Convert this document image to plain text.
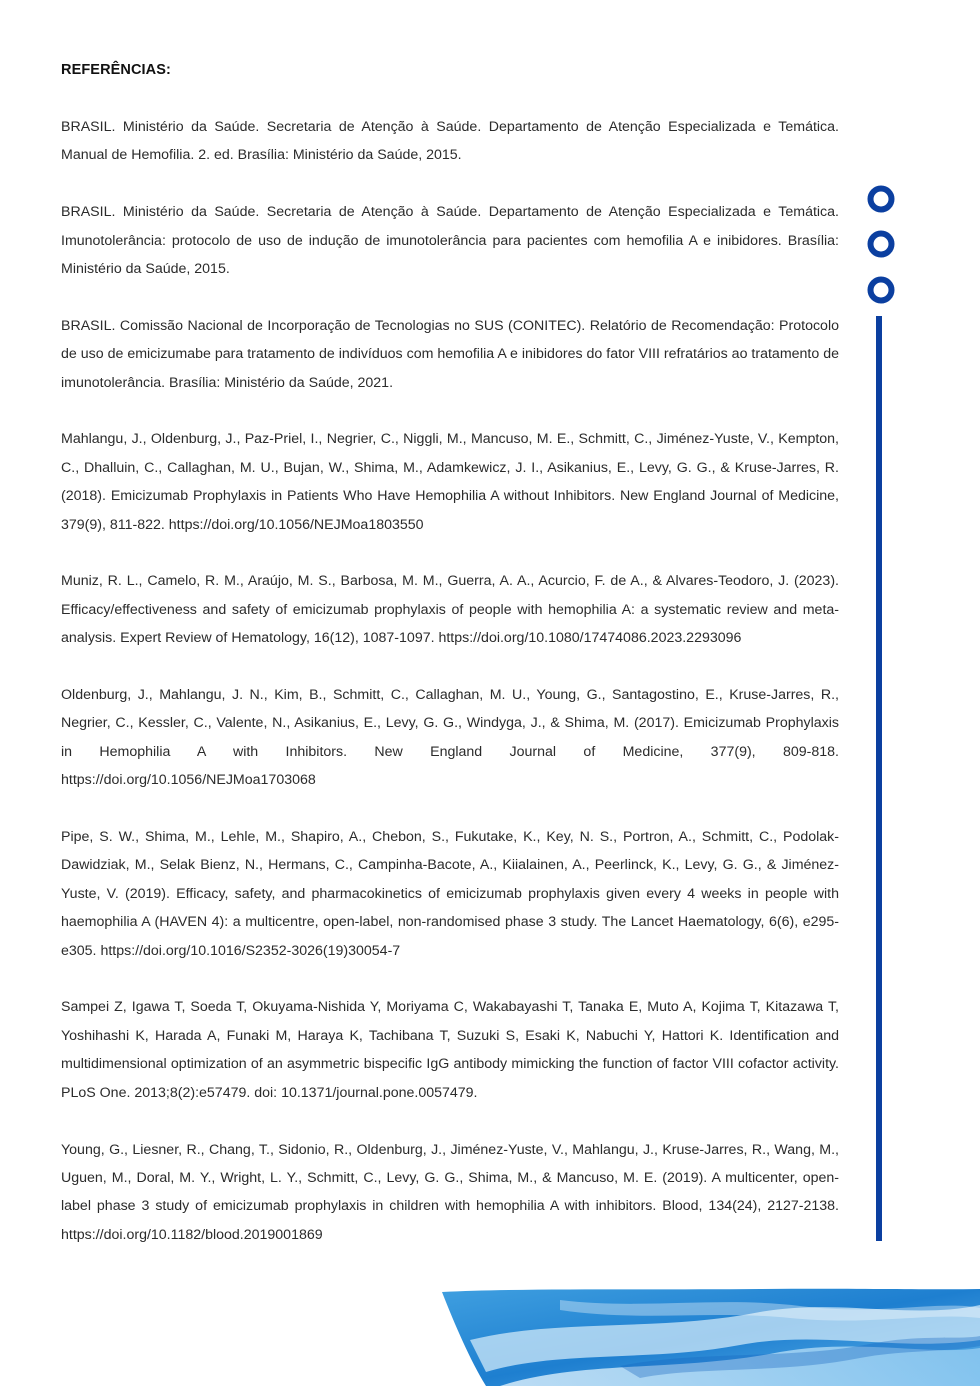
REFERÊNCIAS:
BRASIL. Ministério da Saúde. Secretaria de Atenção à Saúde. Departamento de Atenção Especializada e Temática. Manual de Hemofilia. 2. ed. Brasília: Ministério da Saúde, 2015.
BRASIL. Ministério da Saúde. Secretaria de Atenção à Saúde. Departamento de Atenção Especializada e Temática. Imunotolerância: protocolo de uso de indução de imunotolerância para pacientes com hemofilia A e inibidores. Brasília: Ministério da Saúde, 2015.
BRASIL. Comissão Nacional de Incorporação de Tecnologias no SUS (CONITEC). Relatório de Recomendação: Protocolo de uso de emicizumabe para tratamento de indivíduos com hemofilia A e inibidores do fator VIII refratários ao tratamento de imunotolerância. Brasília: Ministério da Saúde, 2021.
Mahlangu, J., Oldenburg, J., Paz-Priel, I., Negrier, C., Niggli, M., Mancuso, M. E., Schmitt, C., Jiménez-Yuste, V., Kempton, C., Dhalluin, C., Callaghan, M. U., Bujan, W., Shima, M., Adamkewicz, J. I., Asikanius, E., Levy, G. G., & Kruse-Jarres, R. (2018). Emicizumab Prophylaxis in Patients Who Have Hemophilia A without Inhibitors. New England Journal of Medicine, 379(9), 811-822. https://doi.org/10.1056/NEJMoa1803550
Muniz, R. L., Camelo, R. M., Araújo, M. S., Barbosa, M. M., Guerra, A. A., Acurcio, F. de A., & Alvares-Teodoro, J. (2023). Efficacy/effectiveness and safety of emicizumab prophylaxis of people with hemophilia A: a systematic review and meta-analysis. Expert Review of Hematology, 16(12), 1087-1097. https://doi.org/10.1080/17474086.2023.2293096
Oldenburg, J., Mahlangu, J. N., Kim, B., Schmitt, C., Callaghan, M. U., Young, G., Santagostino, E., Kruse-Jarres, R., Negrier, C., Kessler, C., Valente, N., Asikanius, E., Levy, G. G., Windyga, J., & Shima, M. (2017). Emicizumab Prophylaxis in Hemophilia A with Inhibitors. New England Journal of Medicine, 377(9), 809-818. https://doi.org/10.1056/NEJMoa1703068
Pipe, S. W., Shima, M., Lehle, M., Shapiro, A., Chebon, S., Fukutake, K., Key, N. S., Portron, A., Schmitt, C., Podolak-Dawidziak, M., Selak Bienz, N., Hermans, C., Campinha-Bacote, A., Kiialainen, A., Peerlinck, K., Levy, G. G., & Jiménez-Yuste, V. (2019). Efficacy, safety, and pharmacokinetics of emicizumab prophylaxis given every 4 weeks in people with haemophilia A (HAVEN 4): a multicentre, open-label, non-randomised phase 3 study. The Lancet Haematology, 6(6), e295-e305. https://doi.org/10.1016/S2352-3026(19)30054-7
Sampei Z, Igawa T, Soeda T, Okuyama-Nishida Y, Moriyama C, Wakabayashi T, Tanaka E, Muto A, Kojima T, Kitazawa T, Yoshihashi K, Harada A, Funaki M, Haraya K, Tachibana T, Suzuki S, Esaki K, Nabuchi Y, Hattori K. Identification and multidimensional optimization of an asymmetric bispecific IgG antibody mimicking the function of factor VIII cofactor activity. PLoS One. 2013;8(2):e57479. doi: 10.1371/journal.pone.0057479.
Young, G., Liesner, R., Chang, T., Sidonio, R., Oldenburg, J., Jiménez-Yuste, V., Mahlangu, J., Kruse-Jarres, R., Wang, M., Uguen, M., Doral, M. Y., Wright, L. Y., Schmitt, C., Levy, G. G., Shima, M., & Mancuso, M. E. (2019). A multicenter, open-label phase 3 study of emicizumab prophylaxis in children with hemophilia A with inhibitors. Blood, 134(24), 2127-2138. https://doi.org/10.1182/blood.2019001869
